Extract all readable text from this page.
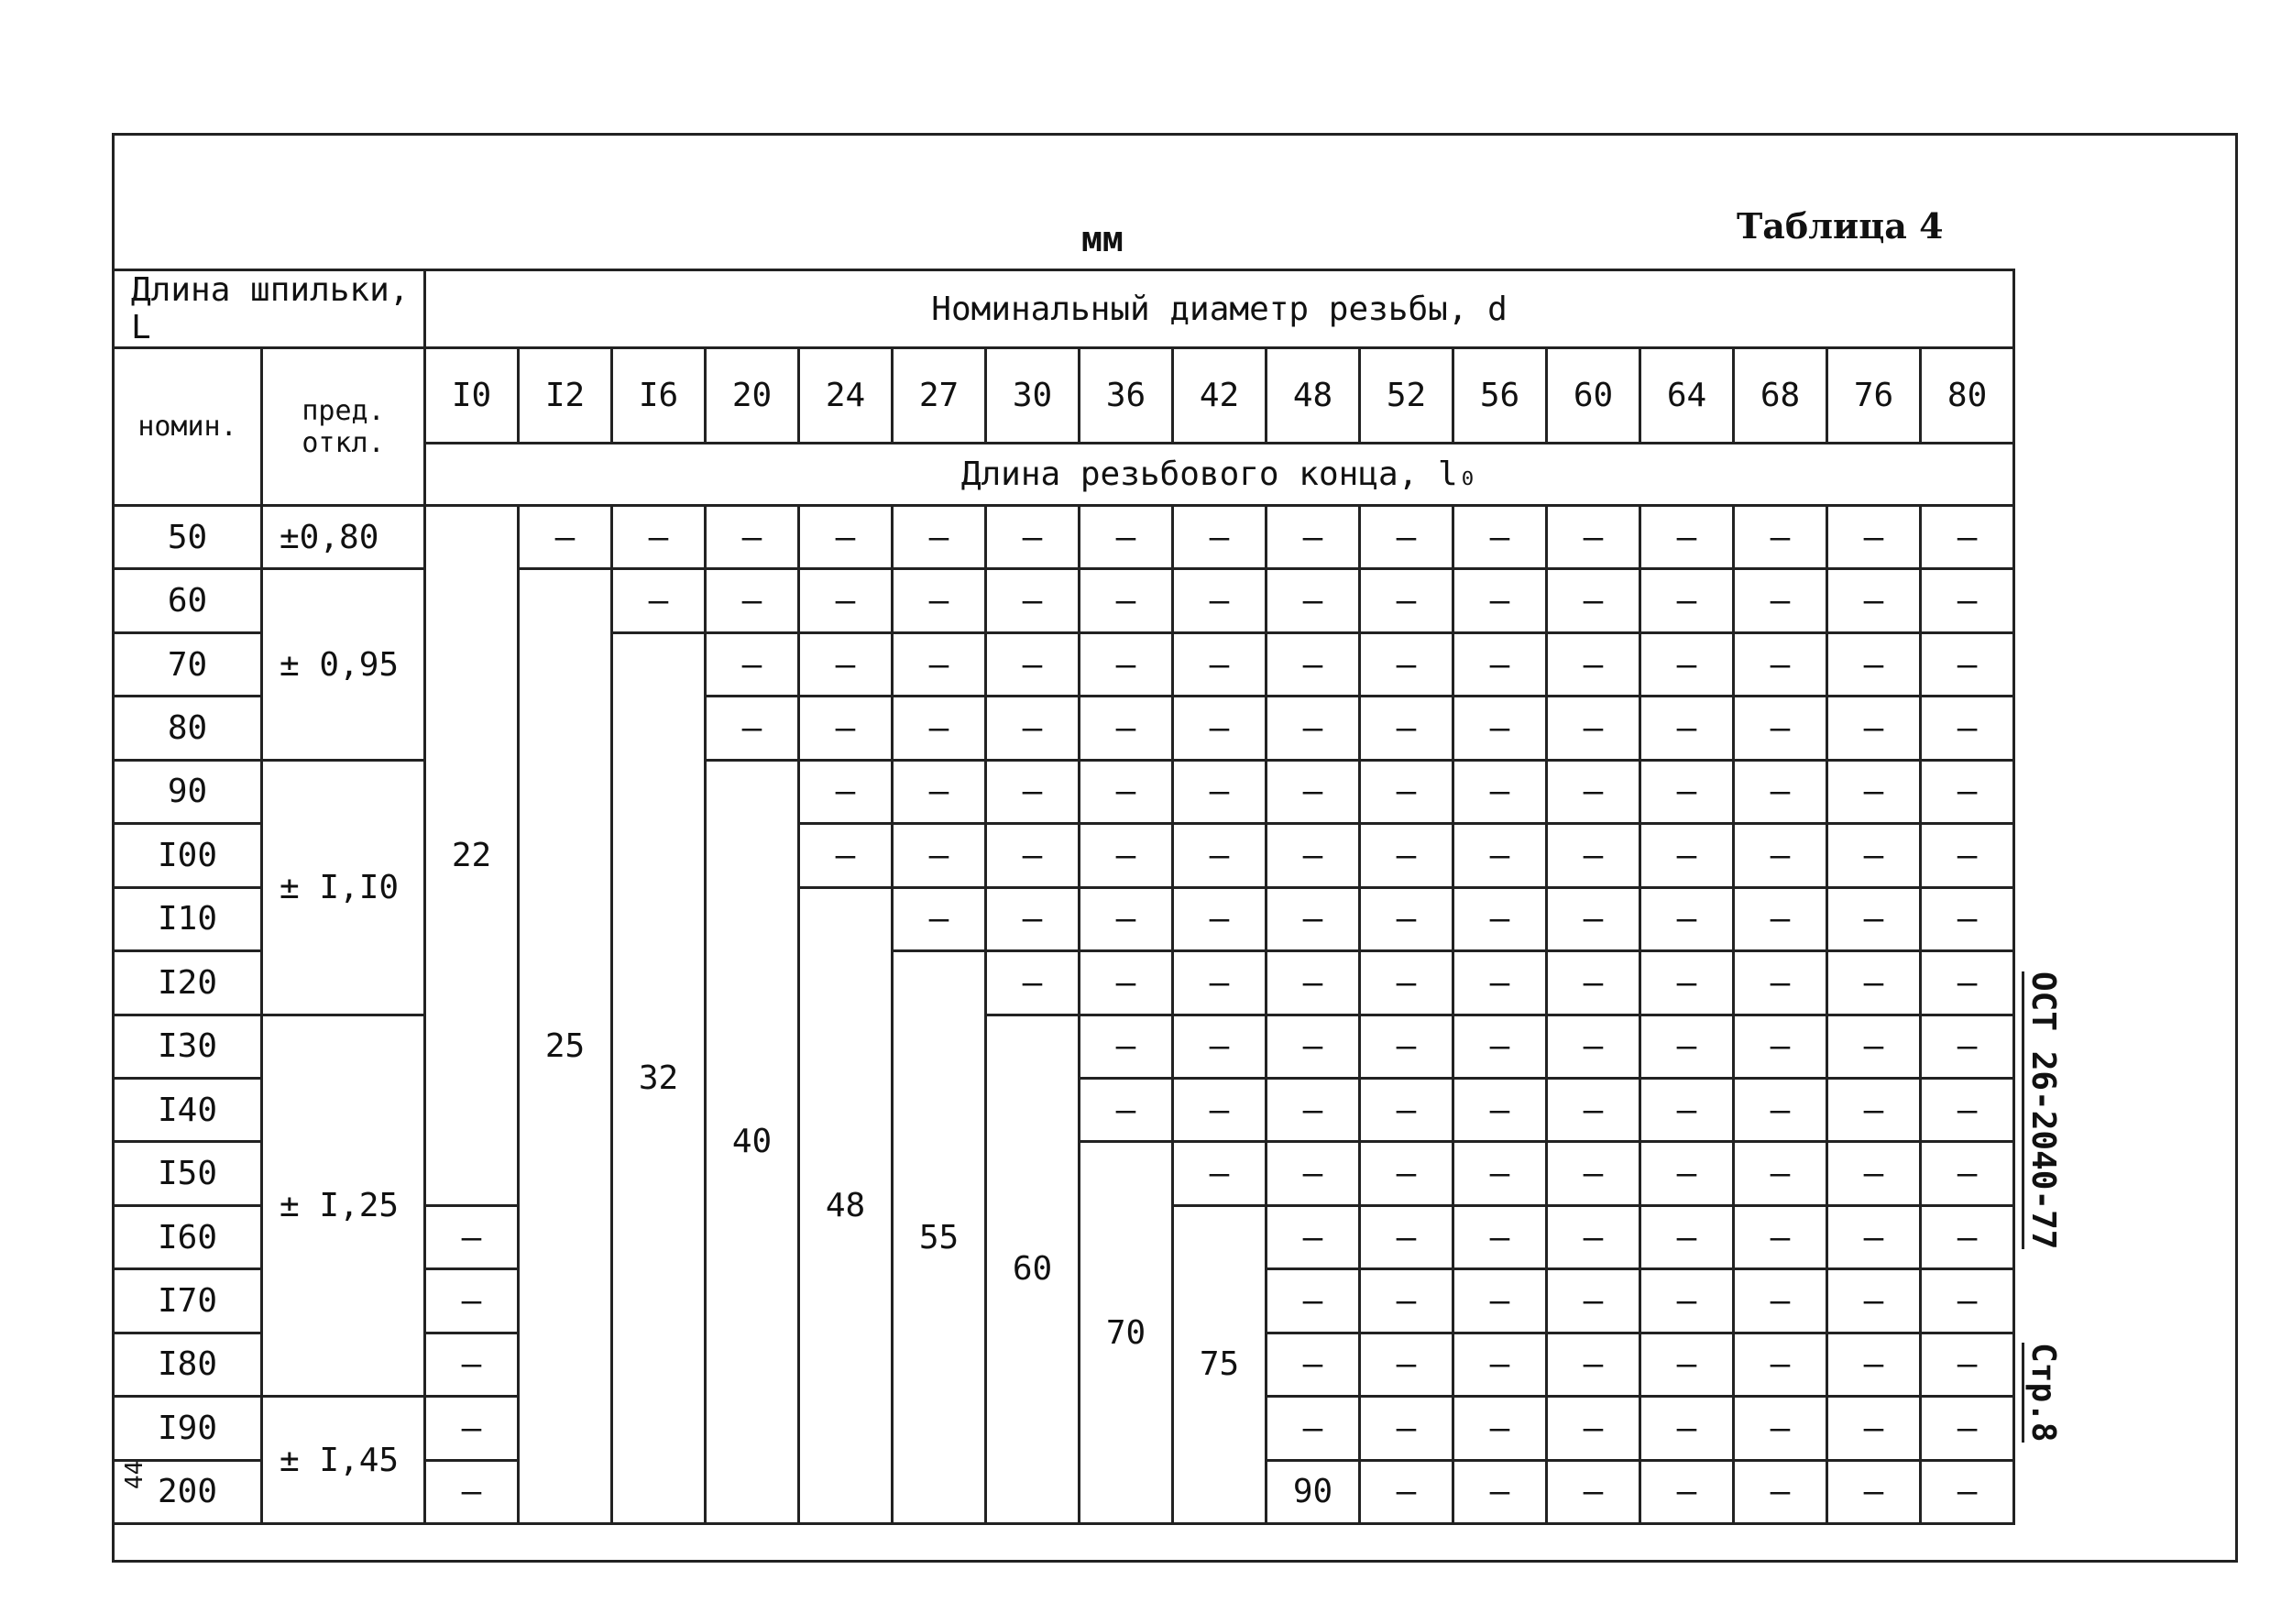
мм	Таблица 4
Длина шпильки, L		Номинальный диаметр резьбы, d																
номин.	пред. откл.	I0	I2	I6	20	24	27	30	36	42	48	52	56	60	64	68	76	80
		Длина резьбового конца, l₀																
50	±0,80	22	–	–	–	–	–	–	–	–	–	–	–	–	–	–	–	–
60	± 0,95		25	–	–	–	–	–	–	–	–	–	–	–	–	–	–	–
70				32	–	–	–	–	–	–	–	–	–	–	–	–	–	–
80					–	–	–	–	–	–	–	–	–	–	–	–	–	–
90	± I,I0				40	–	–	–	–	–	–	–	–	–	–	–	–	–
I00						–	–	–	–	–	–	–	–	–	–	–	–	–
I10						48	–	–	–	–	–	–	–	–	–	–	–	–
I20							55	–	–	–	–	–	–	–	–	–	–	–
I30	± I,25							60	–	–	–	–	–	–	–	–	–	–
I40									–	–	–	–	–	–	–	–	–	–
I50									70	–	–	–	–	–	–	–	–	–
I60		–								75	–	–	–	–	–	–	–	–
I70		–									–	–	–	–	–	–	–	–
I80		–									–	–	–	–	–	–	–	–
I90	± I,45	–									–	–	–	–	–	–	–	–
200		–									90	–	–	–	–	–	–	–
ОСТ 26-2040-77 Стр.8
44
